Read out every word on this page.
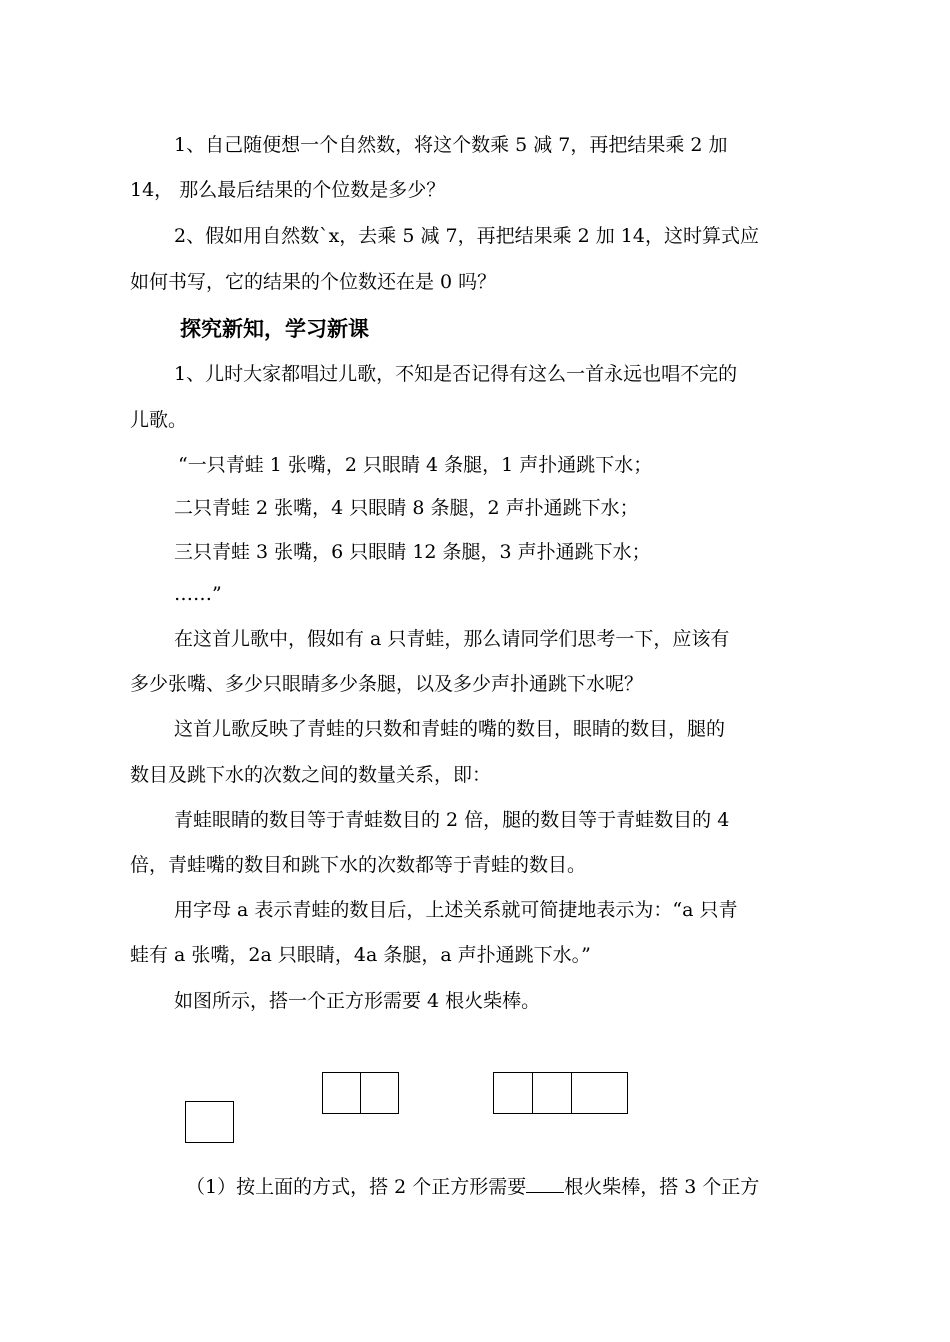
1、自己随便想一个自然数，将这个数乘 5 减 7，再把结果乘 2 加
14， 那么最后结果的个位数是多少？
2、假如用自然数`x，去乘 5 减 7，再把结果乘 2 加 14，这时算式应
如何书写，它的结果的个位数还在是 0 吗？
探究新知，学习新课
1、儿时大家都唱过儿歌，不知是否记得有这么一首永远也唱不完的
儿歌。
“一只青蛙 1 张嘴，2 只眼睛 4 条腿，1 声扑通跳下水；
二只青蛙 2 张嘴，4 只眼睛 8 条腿，2 声扑通跳下水；
三只青蛙 3 张嘴，6 只眼睛 12 条腿，3 声扑通跳下水；
……”
在这首儿歌中，假如有 a 只青蛙，那么请同学们思考一下，应该有
多少张嘴、多少只眼睛多少条腿，以及多少声扑通跳下水呢？
这首儿歌反映了青蛙的只数和青蛙的嘴的数目，眼睛的数目，腿的
数目及跳下水的次数之间的数量关系，即：
青蛙眼睛的数目等于青蛙数目的 2 倍，腿的数目等于青蛙数目的 4
倍，青蛙嘴的数目和跳下水的次数都等于青蛙的数目。
用字母 a 表示青蛙的数目后，上述关系就可简捷地表示为：“a 只青
蛙有 a 张嘴，2a 只眼睛，4a 条腿，a 声扑通跳下水。”
如图所示，搭一个正方形需要 4 根火柴棒。
（1）按上面的方式，搭 2 个正方形需要 根火柴棒，搭 3 个正方
